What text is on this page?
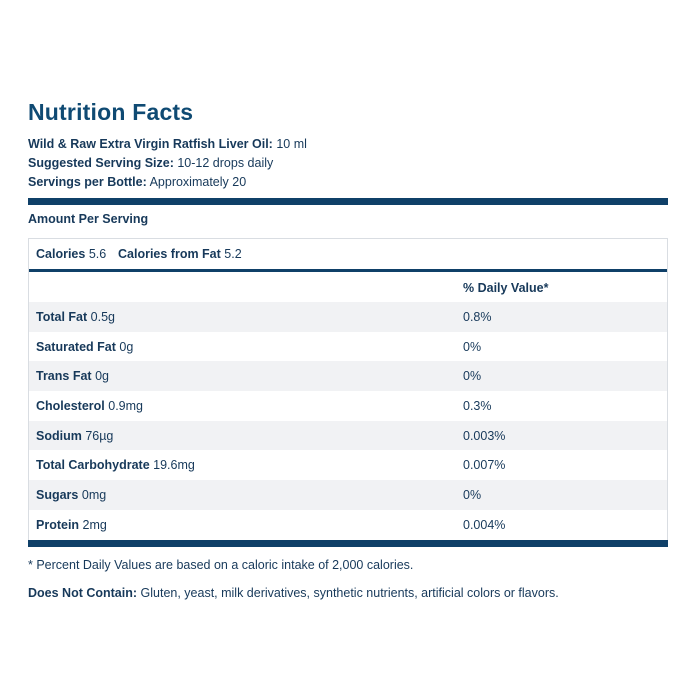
Nutrition Facts
Wild & Raw Extra Virgin Ratfish Liver Oil: 10 ml
Suggested Serving Size: 10-12 drops daily
Servings per Bottle: Approximately 20
Amount Per Serving
Calories 5.6 Calories from Fat 5.2
% Daily Value*
Total Fat 0.5g	0.8%
Saturated Fat 0g	0%
Trans Fat 0g	0%
Cholesterol 0.9mg	0.3%
Sodium 76µg	0.003%
Total Carbohydrate 19.6mg	0.007%
Sugars 0mg	0%
Protein 2mg	0.004%
* Percent Daily Values are based on a caloric intake of 2,000 calories.
Does Not Contain: Gluten, yeast, milk derivatives, synthetic nutrients, artificial colors or flavors.
